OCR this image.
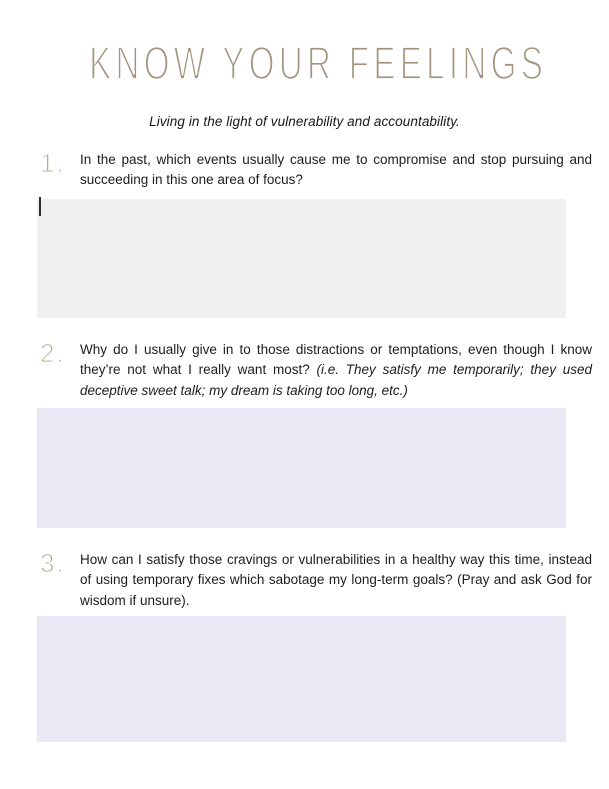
KNOW YOUR FEELINGS

Living in the light of vulnerability and accountability.

1.	In the past, which events usually cause me to compromise and stop pursuing and succeeding in this one area of focus?

2.	Why do I usually give in to those distractions or temptations, even though I know they’re not what I really want most? (i.e. They satisfy me temporarily; they used deceptive sweet talk; my dream is taking too long, etc.)

3.	How can I satisfy those cravings or vulnerabilities in a healthy way this time, instead of using temporary fixes which sabotage my long-term goals? (Pray and ask God for wisdom if unsure).
